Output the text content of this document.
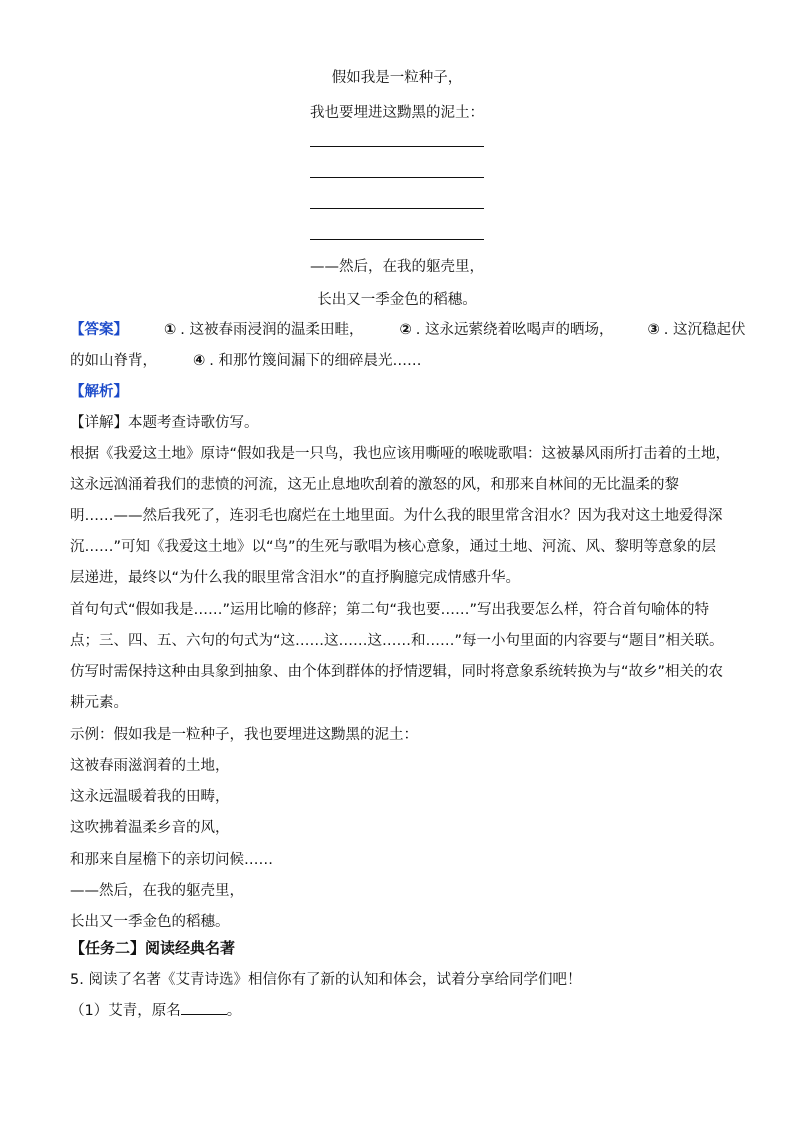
假如我是一粒种子，
我也要埋进这黝黑的泥土：
——然后，在我的躯壳里，
长出又一季金色的稻穗。
【答案】 ① . 这被春雨浸润的温柔田畦， ② . 这永远萦绕着吆喝声的晒场， ③ . 这沉稳起伏
的如山脊背， ④ . 和那竹篾间漏下的细碎晨光……
【解析】
【详解】本题考查诗歌仿写。
根据《我爱这土地》原诗“假如我是一只鸟，我也应该用嘶哑的喉咙歌唱：这被暴风雨所打击着的土地，
这永远汹涌着我们的悲愤的河流，这无止息地吹刮着的激怒的风，和那来自林间的无比温柔的黎
明……——然后我死了，连羽毛也腐烂在土地里面。为什么我的眼里常含泪水？因为我对这土地爱得深
沉……”可知《我爱这土地》以“鸟”的生死与歌唱为核心意象，通过土地、河流、风、黎明等意象的层
层递进，最终以“为什么我的眼里常含泪水”的直抒胸臆完成情感升华。
首句句式“假如我是……”运用比喻的修辞；第二句“我也要……”写出我要怎么样，符合首句喻体的特
点；三、四、五、六句的句式为“这……这……这……和……”每一小句里面的内容要与“题目”相关联。
仿写时需保持这种由具象到抽象、由个体到群体的抒情逻辑，同时将意象系统转换为与“故乡”相关的农
耕元素。
示例：假如我是一粒种子，我也要埋进这黝黑的泥土：
这被春雨滋润着的土地，
这永远温暖着我的田畴，
这吹拂着温柔乡音的风，
和那来自屋檐下的亲切问候……
——然后，在我的躯壳里，
长出又一季金色的稻穗。
【任务二】阅读经典名著
5. 阅读了名著《艾青诗选》相信你有了新的认知和体会，试着分享给同学们吧！
（1）艾青，原名	。
